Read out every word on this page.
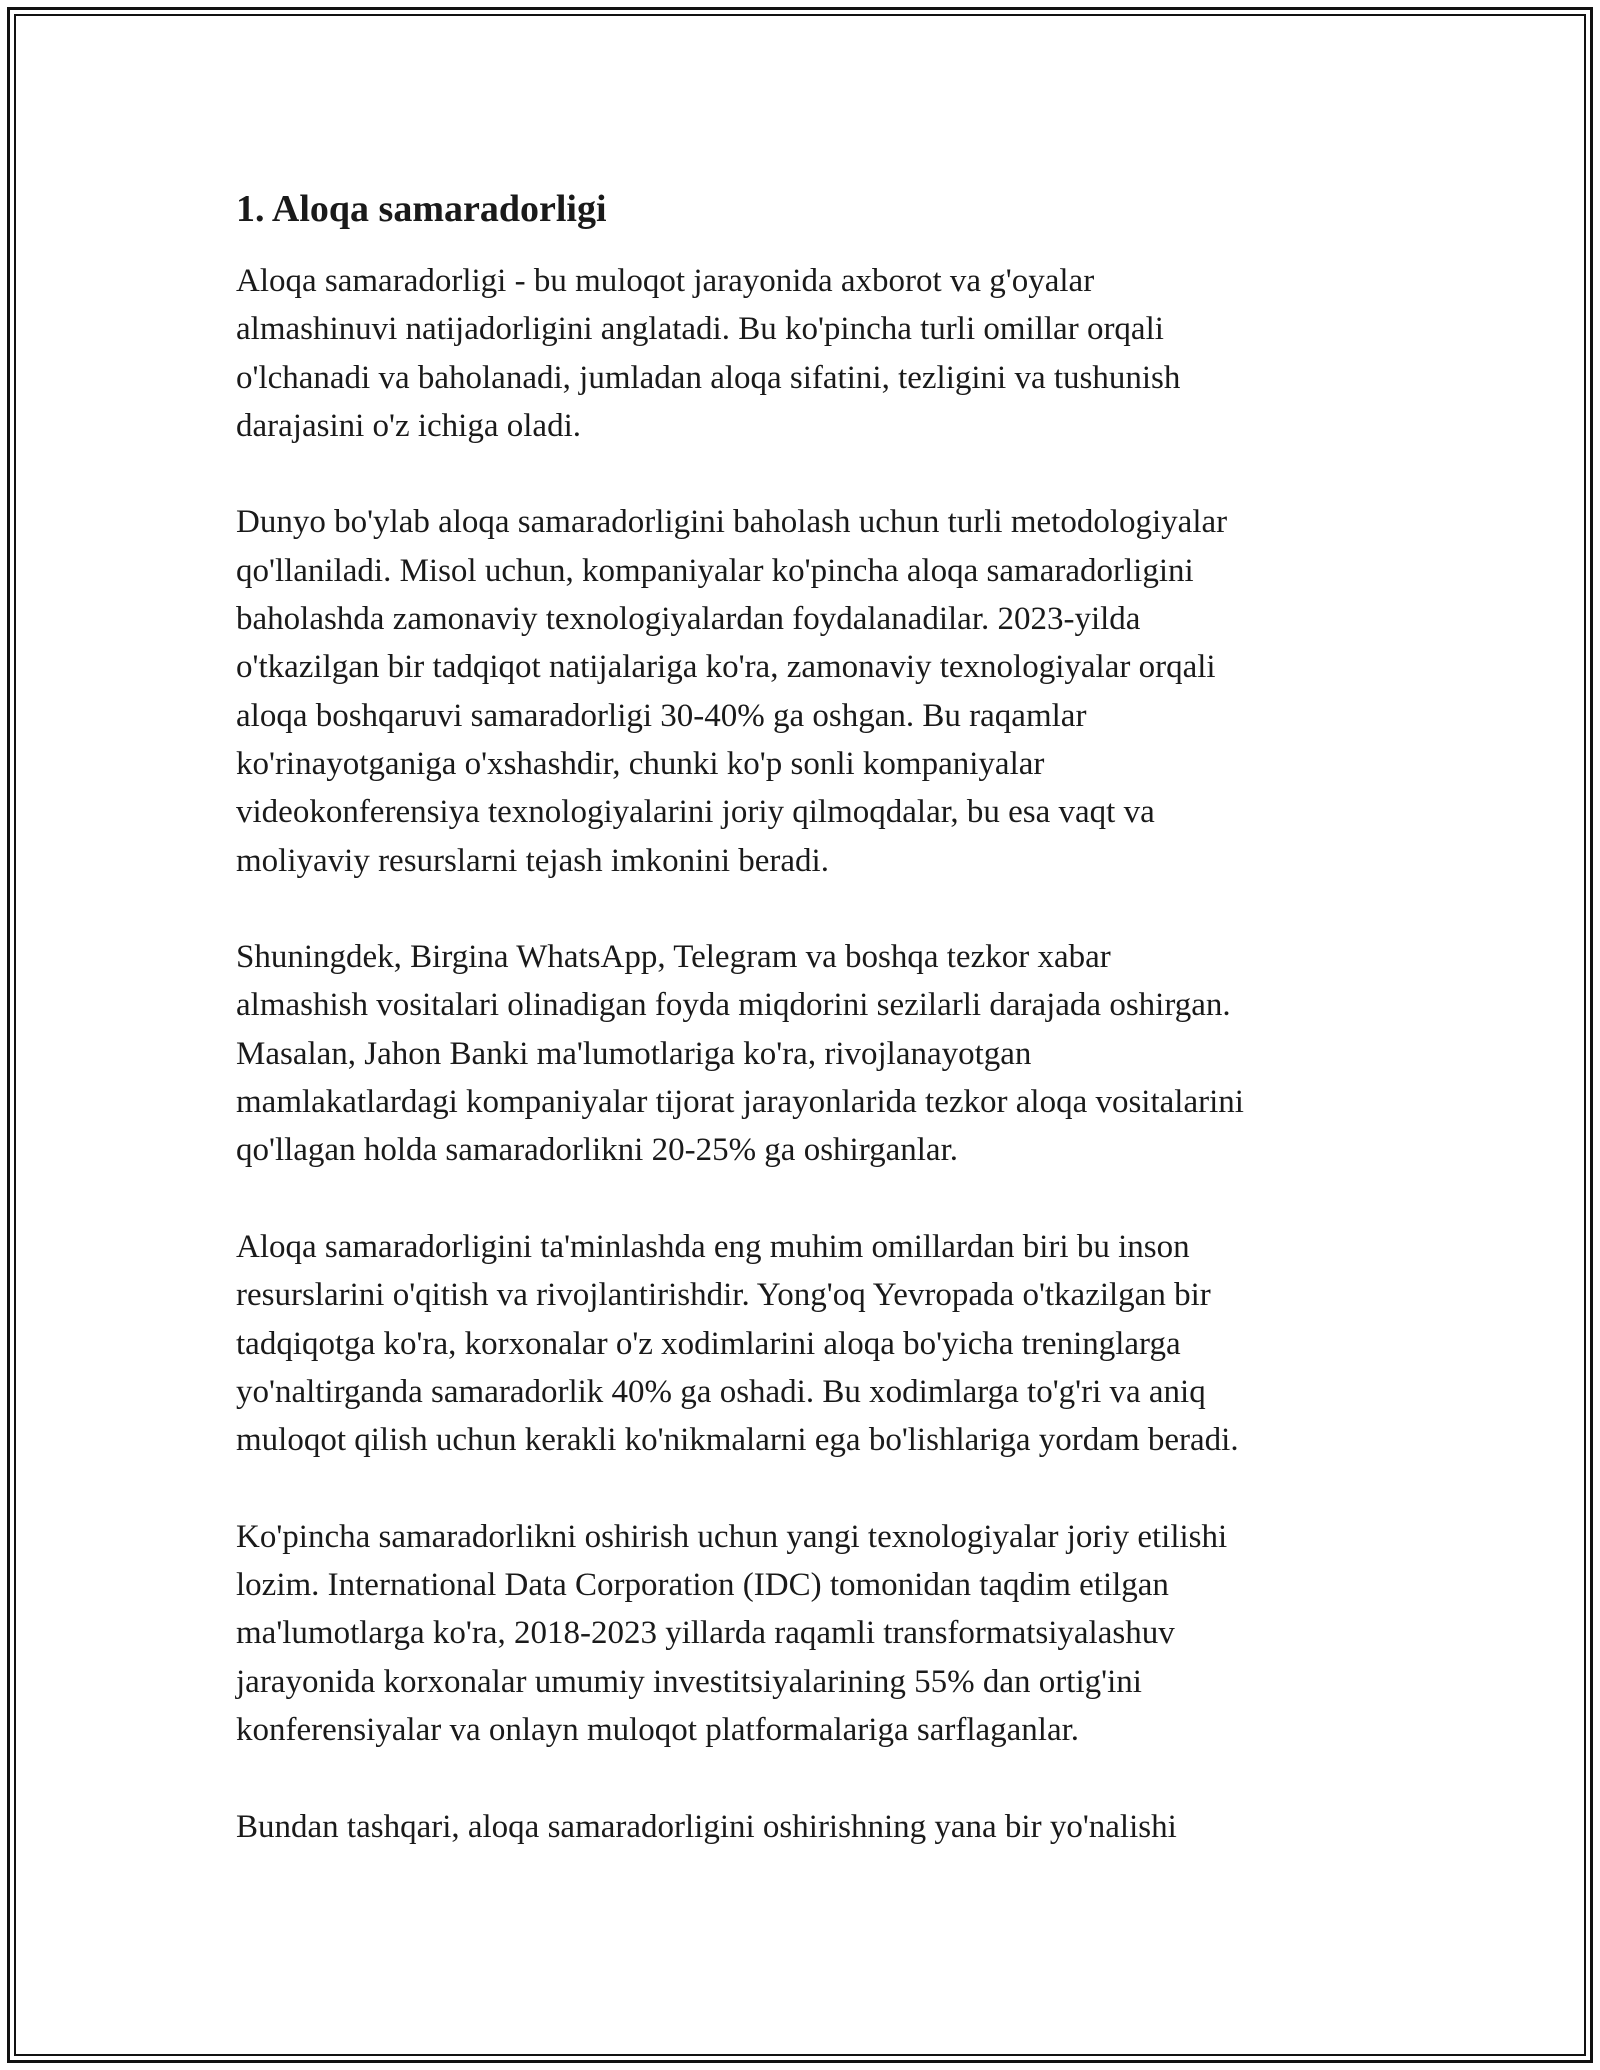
1. Aloqa samaradorligi

Aloqa samaradorligi - bu muloqot jarayonida axborot va g'oyalar
almashinuvi natijadorligini anglatadi. Bu ko'pincha turli omillar orqali
o'lchanadi va baholanadi, jumladan aloqa sifatini, tezligini va tushunish
darajasini o'z ichiga oladi.

Dunyo bo'ylab aloqa samaradorligini baholash uchun turli metodologiyalar
qo'llaniladi. Misol uchun, kompaniyalar ko'pincha aloqa samaradorligini
baholashda zamonaviy texnologiyalardan foydalanadilar. 2023-yilda
o'tkazilgan bir tadqiqot natijalariga ko'ra, zamonaviy texnologiyalar orqali
aloqa boshqaruvi samaradorligi 30-40% ga oshgan. Bu raqamlar
ko'rinayotganiga o'xshashdir, chunki ko'p sonli kompaniyalar
videokonferensiya texnologiyalarini joriy qilmoqdalar, bu esa vaqt va
moliyaviy resurslarni tejash imkonini beradi.

Shuningdek, Birgina WhatsApp, Telegram va boshqa tezkor xabar
almashish vositalari olinadigan foyda miqdorini sezilarli darajada oshirgan.
Masalan, Jahon Banki ma'lumotlariga ko'ra, rivojlanayotgan
mamlakatlardagi kompaniyalar tijorat jarayonlarida tezkor aloqa vositalarini
qo'llagan holda samaradorlikni 20-25% ga oshirganlar.

Aloqa samaradorligini ta'minlashda eng muhim omillardan biri bu inson
resurslarini o'qitish va rivojlantirishdir. Yong'oq Yevropada o'tkazilgan bir
tadqiqotga ko'ra, korxonalar o'z xodimlarini aloqa bo'yicha treninglarga
yo'naltirganda samaradorlik 40% ga oshadi. Bu xodimlarga to'g'ri va aniq
muloqot qilish uchun kerakli ko'nikmalarni ega bo'lishlariga yordam beradi.

Ko'pincha samaradorlikni oshirish uchun yangi texnologiyalar joriy etilishi
lozim. International Data Corporation (IDC) tomonidan taqdim etilgan
ma'lumotlarga ko'ra, 2018-2023 yillarda raqamli transformatsiyalashuv
jarayonida korxonalar umumiy investitsiyalarining 55% dan ortig'ini
konferensiyalar va onlayn muloqot platformalariga sarflaganlar.

Bundan tashqari, aloqa samaradorligini oshirishning yana bir yo'nalishi
